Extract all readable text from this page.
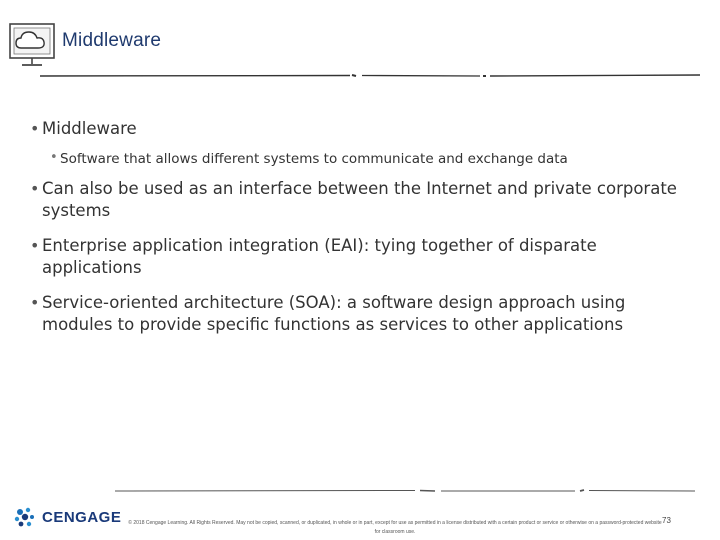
Middleware
• Middleware
• Software that allows different systems to communicate and exchange data
• Can also be used as an interface between the Internet and private corporate systems
• Enterprise application integration (EAI): tying together of disparate applications
• Service-oriented architecture (SOA): a software design approach using modules to provide specific functions as services to other applications
CENGAGE	© 2018 Cengage Learning. All Rights Reserved. May not be copied, scanned, or duplicated, in whole or in part, except for use as permitted in a license distributed with a certain product or service or otherwise on a password-protected website for classroom use.
73
